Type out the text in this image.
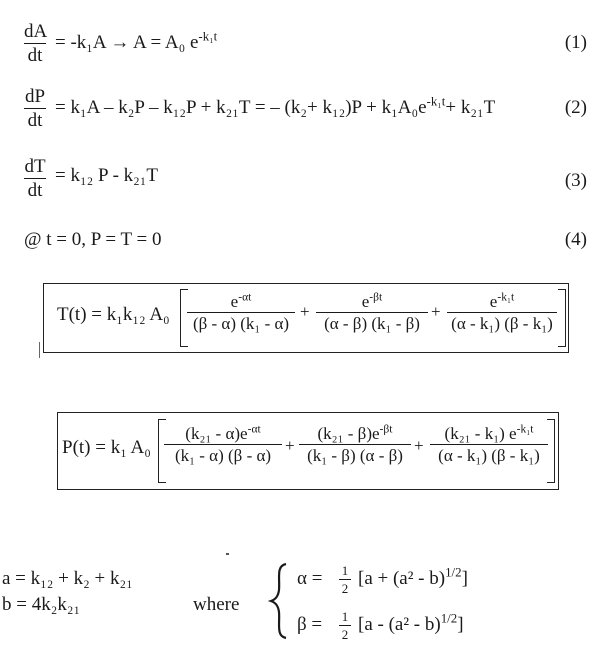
dA
dt
= -k₁A → A = A₀ $e^{-k_1t}$	(1)
dP
dt
= k₁A – k₂P – k₁₂P + k₂₁T = – $(k_2+ k_{12})P + k_1A_0e^{-k_1t}+ k_{21}T$	(2)
dT
dt
= k₁₂ P - k₂₁T	(3)
@ t = 0, P = T = 0	(4)
T(t) = k₁k₁₂ A₀
$e^{-\alpha t}$
(β - α) (k₁ - α)
+
$e^{-\beta t}$
(α - β) (k₁ - β)
+
$e^{-k_1t}$
(α - k₁) (β - k₁)
P(t) = k₁ A₀
$(k_{21} - \alpha)e^{-\alpha t}$
(k₁ - α) (β - α)
+
$(k_{21} - \beta)e^{-\beta t}$
(k₁ - β) (α - β)
+
(k₂₁ - k₁) $e^{-k_1t}$
(α - k₁) (β - k₁)
a = k₁₂ + k₂ + k₂₁
b = 4k₂k₂₁	where
α = 1
2 [a + (a² - b)$^{1/2}$]
β = 1
2 [a - (a² - b)$^{1/2}$]
